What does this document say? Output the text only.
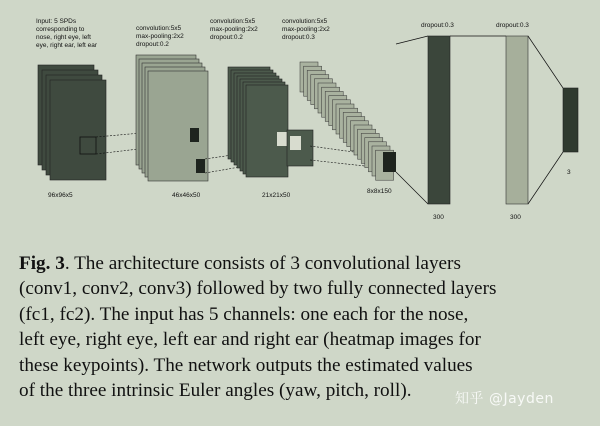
Input: 5 SPDs
corresponding to
nose, right eye, left
eye, right ear, left ear
96x96x5
convolution:5x5
max-pooling:2x2
dropout:0.2
46x46x50
convolution:5x5
max-pooling:2x2
dropout:0.2
21x21x50
convolution:5x5
max-pooling:2x2
dropout:0.3
8x8x150
dropout:0.3
300
dropout:0.3
300
3

Fig. 3. The architecture consists of 3 convolutional layers
(conv1, conv2, conv3) followed by two fully connected layers
(fc1, fc2). The input has 5 channels: one each for the nose,
left eye, right eye, left ear and right ear (heatmap images for
these keypoints). The network outputs the estimated values
of the three intrinsic Euler angles (yaw, pitch, roll).	知乎 @Jayden
